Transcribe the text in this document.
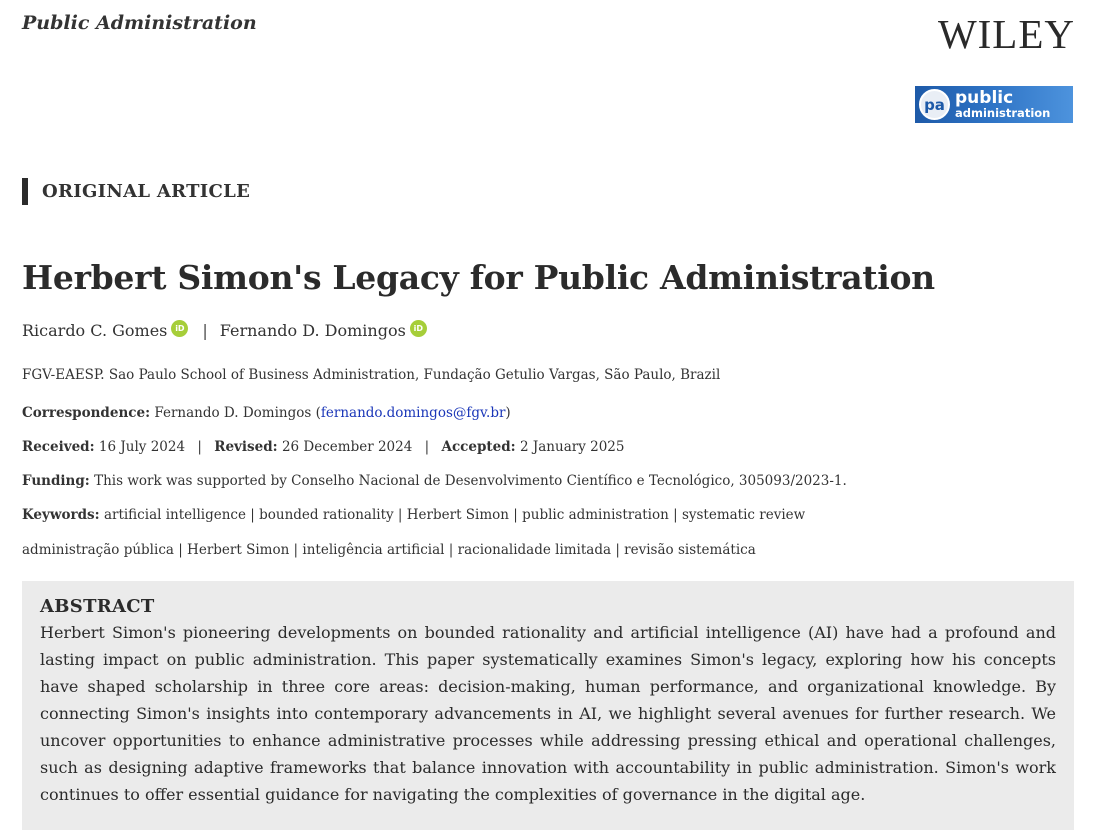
Public Administration	WILEY
pa public
administration
ORIGINAL ARTICLE
Herbert Simon's Legacy for Public Administration
Ricardo C. Gomes iD | Fernando D. Domingos iD
FGV-EAESP. Sao Paulo School of Business Administration, Fundação Getulio Vargas, São Paulo, Brazil
Correspondence: Fernando D. Domingos (fernando.domingos@fgv.br)
Received: 16 July 2024 | Revised: 26 December 2024 | Accepted: 2 January 2025
Funding: This work was supported by Conselho Nacional de Desenvolvimento Científico e Tecnológico, 305093/2023-1.
Keywords: artificial intelligence | bounded rationality | Herbert Simon | public administration | systematic review
administração pública | Herbert Simon | inteligência artificial | racionalidade limitada | revisão sistemática
ABSTRACT

Herbert Simon's pioneering developments on bounded rationality and artificial intelligence (AI) have had a profound and lasting impact on public administration. This paper systematically examines Simon's legacy, exploring how his concepts have shaped scholarship in three core areas: decision-making, human performance, and organizational knowledge. By connecting Simon's insights into contemporary advancements in AI, we highlight several avenues for further research. We uncover opportunities to enhance administrative processes while addressing pressing ethical and operational challenges, such as designing adaptive frameworks that balance innovation with accountability in public administration. Simon's work continues to offer essential guidance for navigating the complexities of governance in the digital age.
